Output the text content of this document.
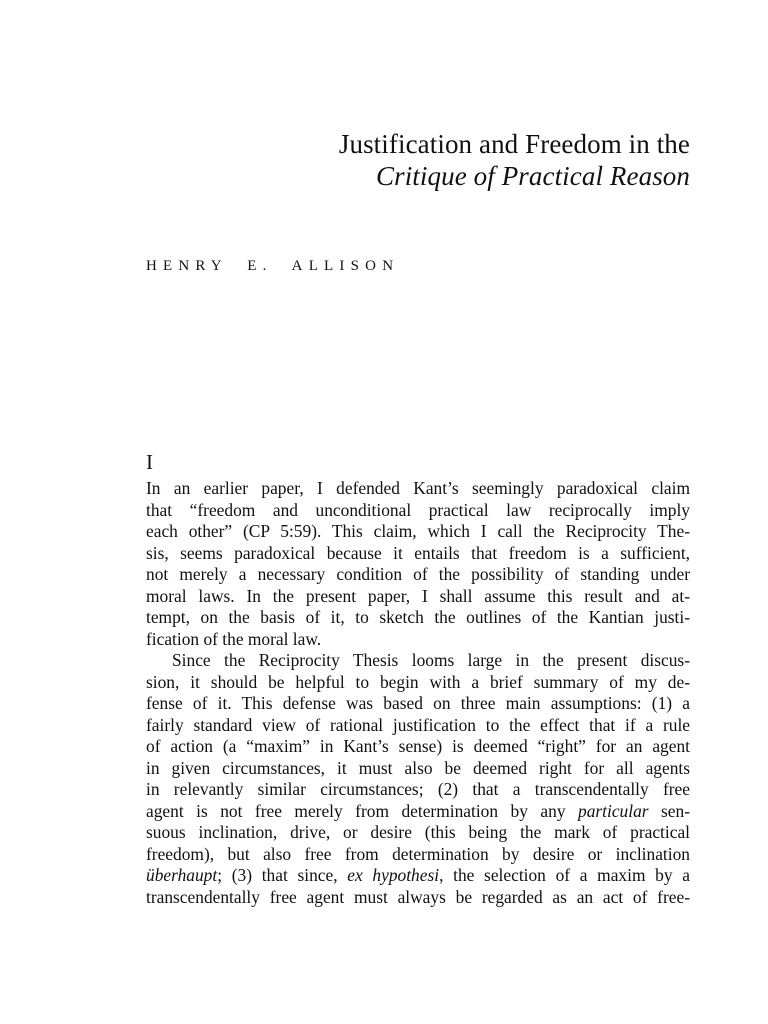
Justification and Freedom in the
Critique of Practical Reason
HENRY E. ALLISON
I
In an earlier paper, I defended Kant’s seemingly paradoxical claim
that “freedom and unconditional practical law reciprocally imply
each other” (CP 5:59). This claim, which I call the Reciprocity The-
sis, seems paradoxical because it entails that freedom is a sufficient,
not merely a necessary condition of the possibility of standing under
moral laws. In the present paper, I shall assume this result and at-
tempt, on the basis of it, to sketch the outlines of the Kantian justi-
fication of the moral law.
Since the Reciprocity Thesis looms large in the present discus-
sion, it should be helpful to begin with a brief summary of my de-
fense of it. This defense was based on three main assumptions: (1) a
fairly standard view of rational justification to the effect that if a rule
of action (a “maxim” in Kant’s sense) is deemed “right” for an agent
in given circumstances, it must also be deemed right for all agents
in relevantly similar circumstances; (2) that a transcendentally free
agent is not free merely from determination by any particular sen-
suous inclination, drive, or desire (this being the mark of practical
freedom), but also free from determination by desire or inclination
überhaupt; (3) that since, ex hypothesi, the selection of a maxim by a
transcendentally free agent must always be regarded as an act of free-
